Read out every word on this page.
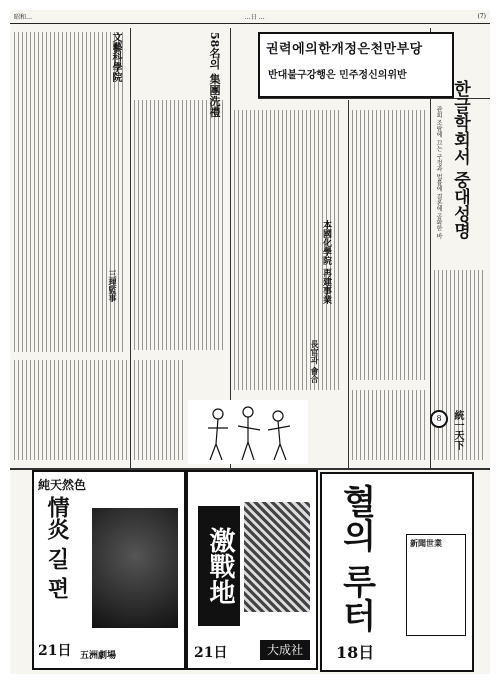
昭和…	…日 …	(7)
권력에의한개정은천만부당
반대불구강행은 민주정신의위반
한글학회서 중대성명
관회 조람에 끄는 구정과 법률에 결론에 공화한 바
文藝科學院	58名의 集團洗禮
本國化學院 再建事業
三理監事
長官과 會合
統一天下
8
純天然色
情炎 길 편
21日 五洲劇場
激戰地
21日	大成社
혈의 루터
18日
新聞世業
